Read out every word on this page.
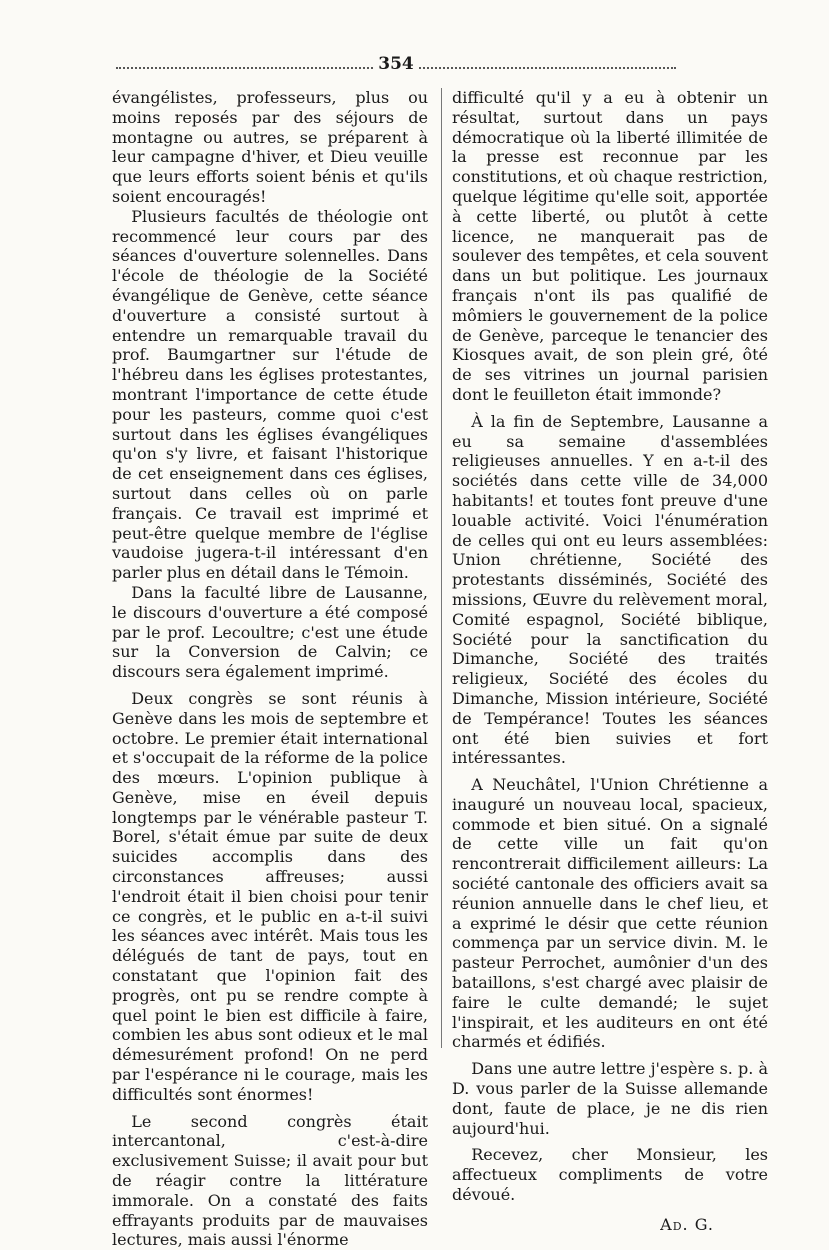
354

évangélistes, professeurs, plus ou moins reposés par des séjours de montagne ou autres, se préparent à leur campagne d'hiver, et Dieu veuille que leurs efforts soient bénis et qu'ils soient encouragés!

Plusieurs facultés de théologie ont recommencé leur cours par des séances d'ouverture solennelles. Dans l'école de théologie de la Société évangélique de Genève, cette séance d'ouverture a consisté surtout à entendre un remarquable travail du prof. Baumgartner sur l'étude de l'hébreu dans les églises protestantes, montrant l'importance de cette étude pour les pasteurs, comme quoi c'est surtout dans les églises évangéliques qu'on s'y livre, et faisant l'historique de cet enseignement dans ces églises, surtout dans celles où on parle français. Ce travail est imprimé et peut-être quelque membre de l'église vaudoise jugera-t-il intéressant d'en parler plus en détail dans le Témoin.

Dans la faculté libre de Lausanne, le discours d'ouverture a été composé par le prof. Lecoultre; c'est une étude sur la Conversion de Calvin; ce discours sera également imprimé.

Deux congrès se sont réunis à Genève dans les mois de septembre et octobre. Le premier était international et s'occupait de la réforme de la police des mœurs. L'opinion publique à Genève, mise en éveil depuis longtemps par le vénérable pasteur T. Borel, s'était émue par suite de deux suicides accomplis dans des circonstances affreuses; aussi l'endroit était il bien choisi pour tenir ce congrès, et le public en a-t-il suivi les séances avec intérêt. Mais tous les délégués de tant de pays, tout en constatant que l'opinion fait des progrès, ont pu se rendre compte à quel point le bien est difficile à faire, combien les abus sont odieux et le mal démesurément profond! On ne perd par l'espérance ni le courage, mais les difficultés sont énormes!

Le second congrès était intercantonal, c'est-à-dire exclusivement Suisse; il avait pour but de réagir contre la littérature immorale. On a constaté des faits effrayants produits par de mauvaises lectures, mais aussi l'énorme

difficulté qu'il y a eu à obtenir un résultat, surtout dans un pays démocratique où la liberté illimitée de la presse est reconnue par les constitutions, et où chaque restriction, quelque légitime qu'elle soit, apportée à cette liberté, ou plutôt à cette licence, ne manquerait pas de soulever des tempêtes, et cela souvent dans un but politique. Les journaux français n'ont ils pas qualifié de mômiers le gouvernement de la police de Genève, parceque le tenancier des Kiosques avait, de son plein gré, ôté de ses vitrines un journal parisien dont le feuilleton était immonde?

À la fin de Septembre, Lausanne a eu sa semaine d'assemblées religieuses annuelles. Y en a-t-il des sociétés dans cette ville de 34,000 habitants! et toutes font preuve d'une louable activité. Voici l'énumération de celles qui ont eu leurs assemblées: Union chrétienne, Société des protestants disséminés, Société des missions, Œuvre du relèvement moral, Comité espagnol, Société biblique, Société pour la sanctification du Dimanche, Société des traités religieux, Société des écoles du Dimanche, Mission intérieure, Société de Tempérance! Toutes les séances ont été bien suivies et fort intéressantes.

A Neuchâtel, l'Union Chrétienne a inauguré un nouveau local, spacieux, commode et bien situé. On a signalé de cette ville un fait qu'on rencontrerait difficilement ailleurs: La société cantonale des officiers avait sa réunion annuelle dans le chef lieu, et a exprimé le désir que cette réunion commença par un service divin. M. le pasteur Perrochet, aumônier d'un des bataillons, s'est chargé avec plaisir de faire le culte demandé; le sujet l'inspirait, et les auditeurs en ont été charmés et édifiés.

Dans une autre lettre j'espère s. p. à D. vous parler de la Suisse allemande dont, faute de place, je ne dis rien aujourd'hui.

Recevez, cher Monsieur, les affectueux compliments de votre dévoué.

Ad. G.
